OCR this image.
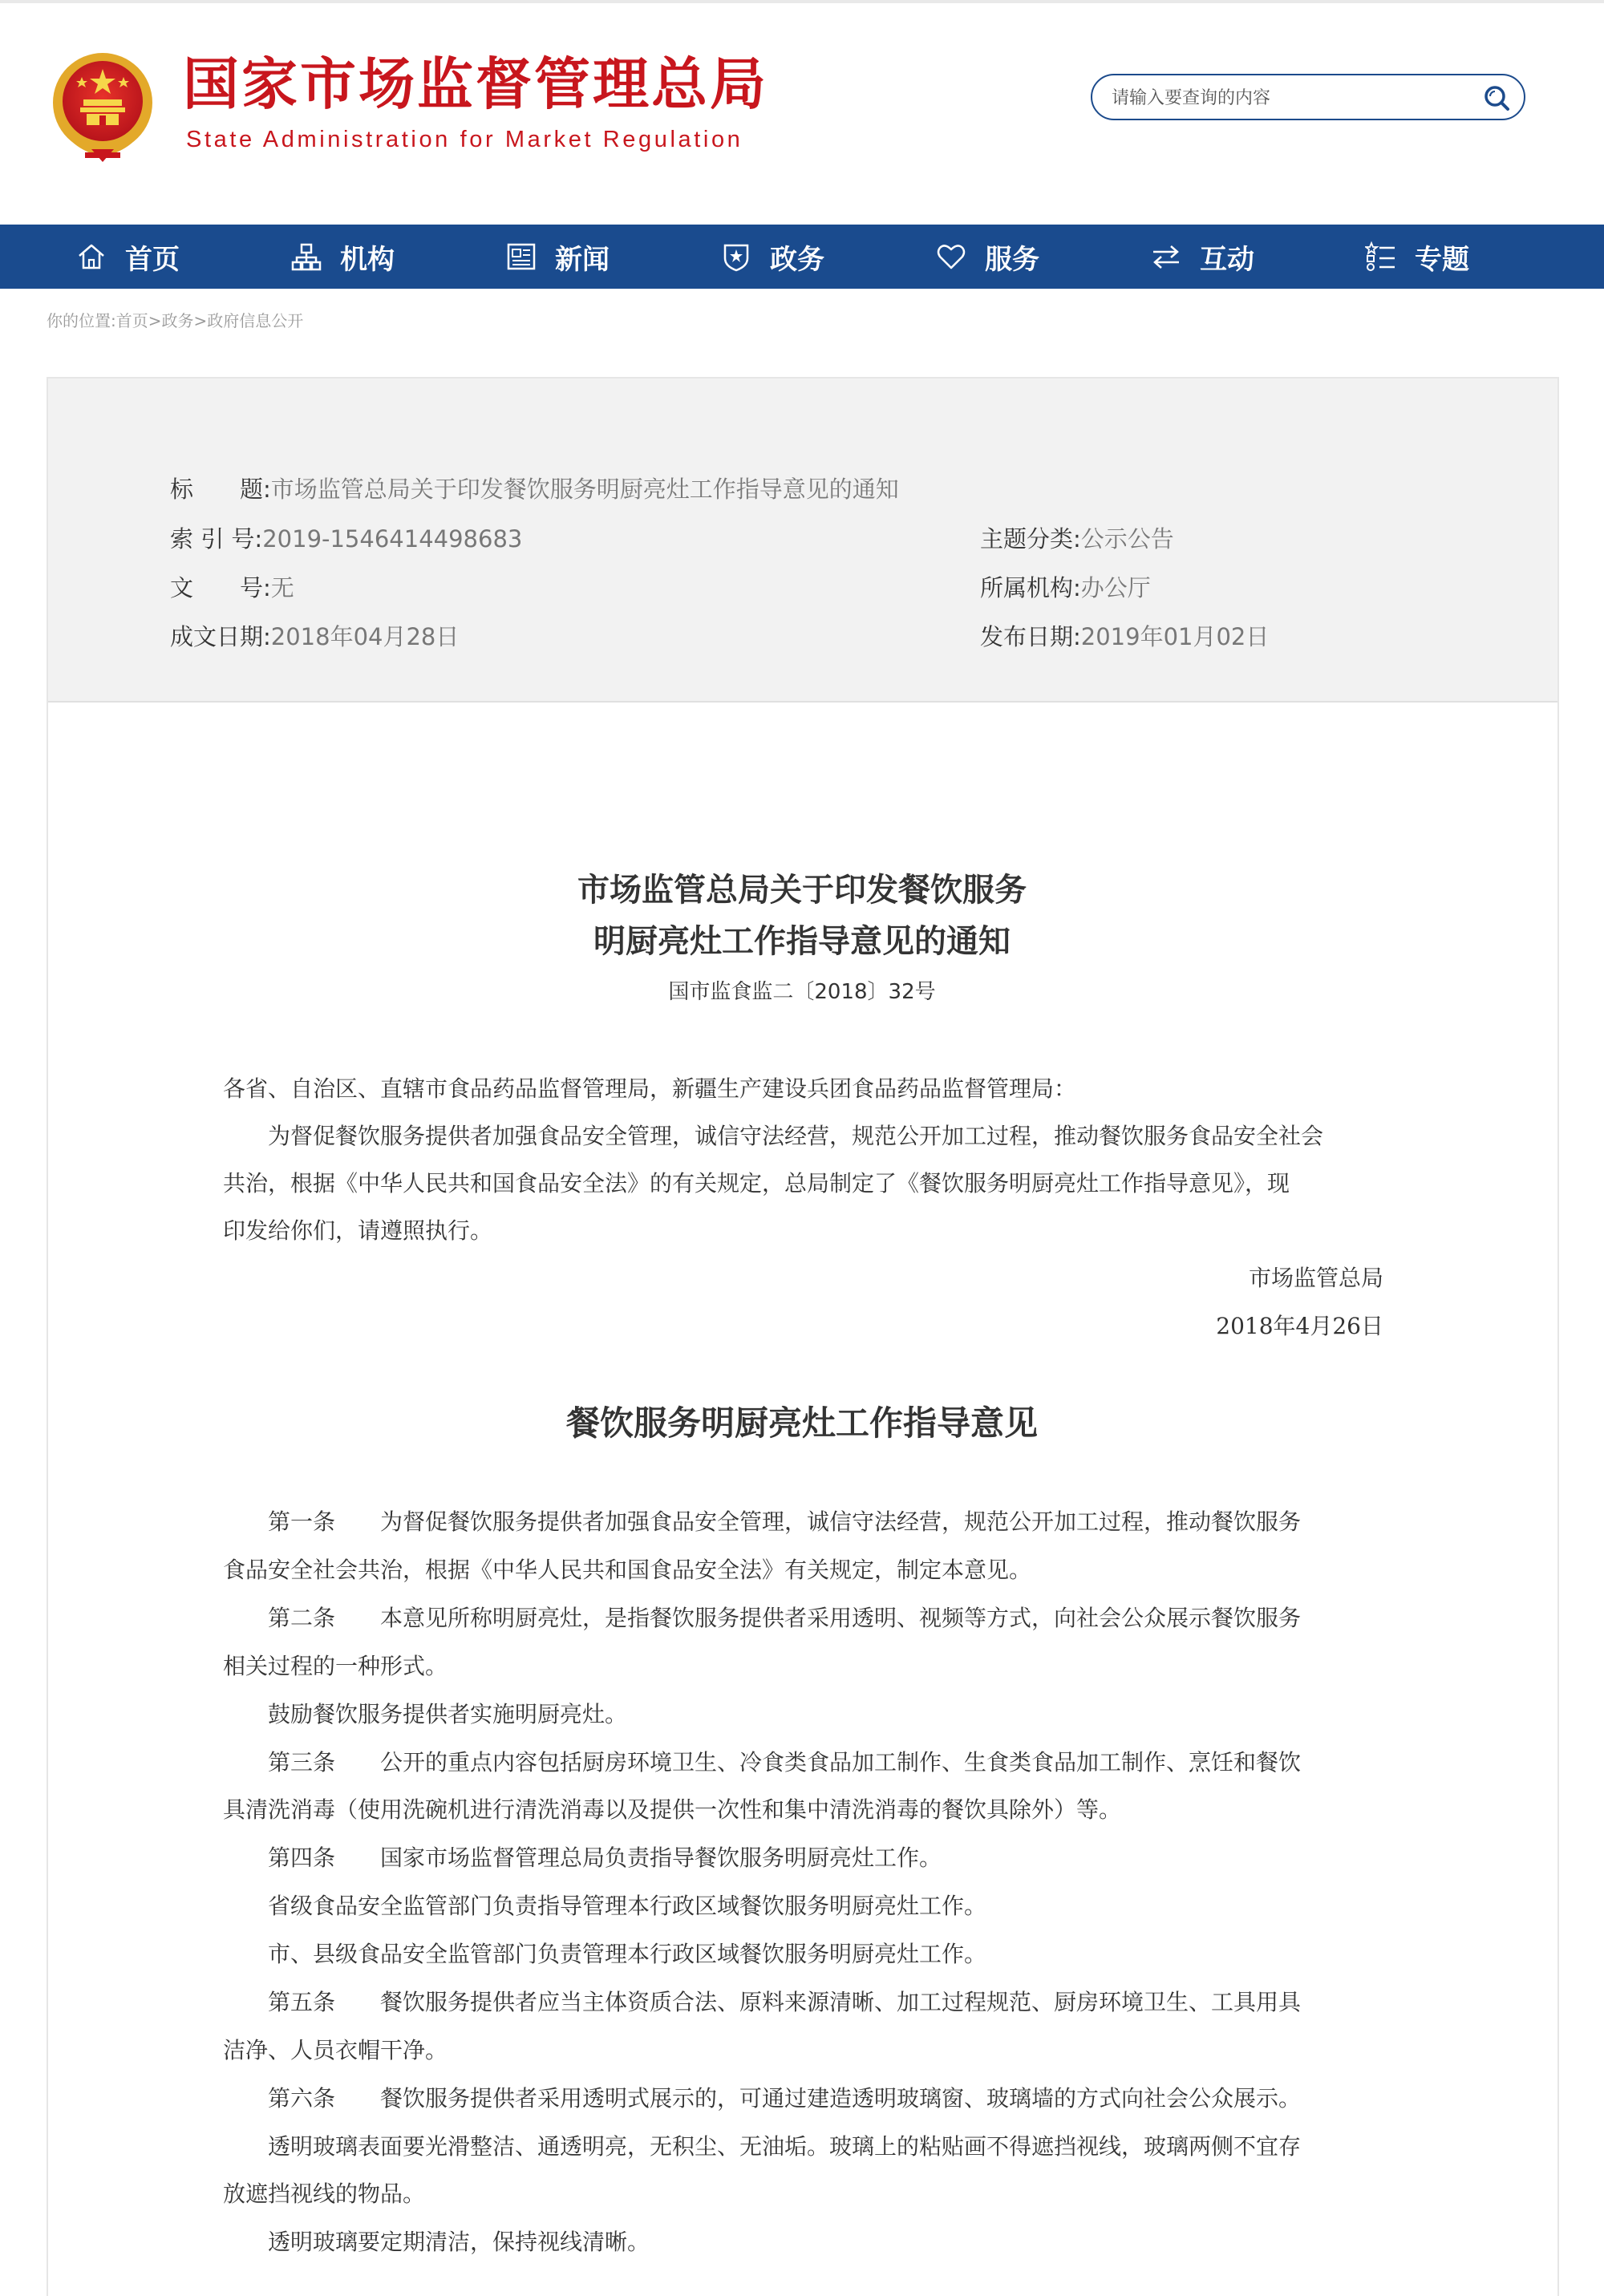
国家市场监督管理总局
State Administration for Market Regulation
请输入要查询的内容
首页	机构	新闻	政务	服务	互动	专题
你的位置:首页>政务>政府信息公开
标　　题:市场监管总局关于印发餐饮服务明厨亮灶工作指导意见的通知
索 引 号:2019-1546414498683	主题分类:公示公告
文　　号:无	所属机构:办公厅
成文日期:2018年04月28日	发布日期:2019年01月02日
市场监管总局关于印发餐饮服务
明厨亮灶工作指导意见的通知
国市监食监二〔2018〕32号
各省、自治区、直辖市食品药品监督管理局，新疆生产建设兵团食品药品监督管理局：
　　为督促餐饮服务提供者加强食品安全管理，诚信守法经营，规范公开加工过程，推动餐饮服务食品安全社会
共治，根据《中华人民共和国食品安全法》的有关规定，总局制定了《餐饮服务明厨亮灶工作指导意见》，现
印发给你们，请遵照执行。
市场监管总局
2018年4月26日
餐饮服务明厨亮灶工作指导意见
　　第一条　　为督促餐饮服务提供者加强食品安全管理，诚信守法经营，规范公开加工过程，推动餐饮服务
食品安全社会共治，根据《中华人民共和国食品安全法》有关规定，制定本意见。
　　第二条　　本意见所称明厨亮灶，是指餐饮服务提供者采用透明、视频等方式，向社会公众展示餐饮服务
相关过程的一种形式。
　　鼓励餐饮服务提供者实施明厨亮灶。
　　第三条　　公开的重点内容包括厨房环境卫生、冷食类食品加工制作、生食类食品加工制作、烹饪和餐饮
具清洗消毒（使用洗碗机进行清洗消毒以及提供一次性和集中清洗消毒的餐饮具除外）等。
　　第四条　　国家市场监督管理总局负责指导餐饮服务明厨亮灶工作。
　　省级食品安全监管部门负责指导管理本行政区域餐饮服务明厨亮灶工作。
　　市、县级食品安全监管部门负责管理本行政区域餐饮服务明厨亮灶工作。
　　第五条　　餐饮服务提供者应当主体资质合法、原料来源清晰、加工过程规范、厨房环境卫生、工具用具
洁净、人员衣帽干净。
　　第六条　　餐饮服务提供者采用透明式展示的，可通过建造透明玻璃窗、玻璃墙的方式向社会公众展示。
　　透明玻璃表面要光滑整洁、通透明亮，无积尘、无油垢。玻璃上的粘贴画不得遮挡视线，玻璃两侧不宜存
放遮挡视线的物品。
　　透明玻璃要定期清洁，保持视线清晰。
